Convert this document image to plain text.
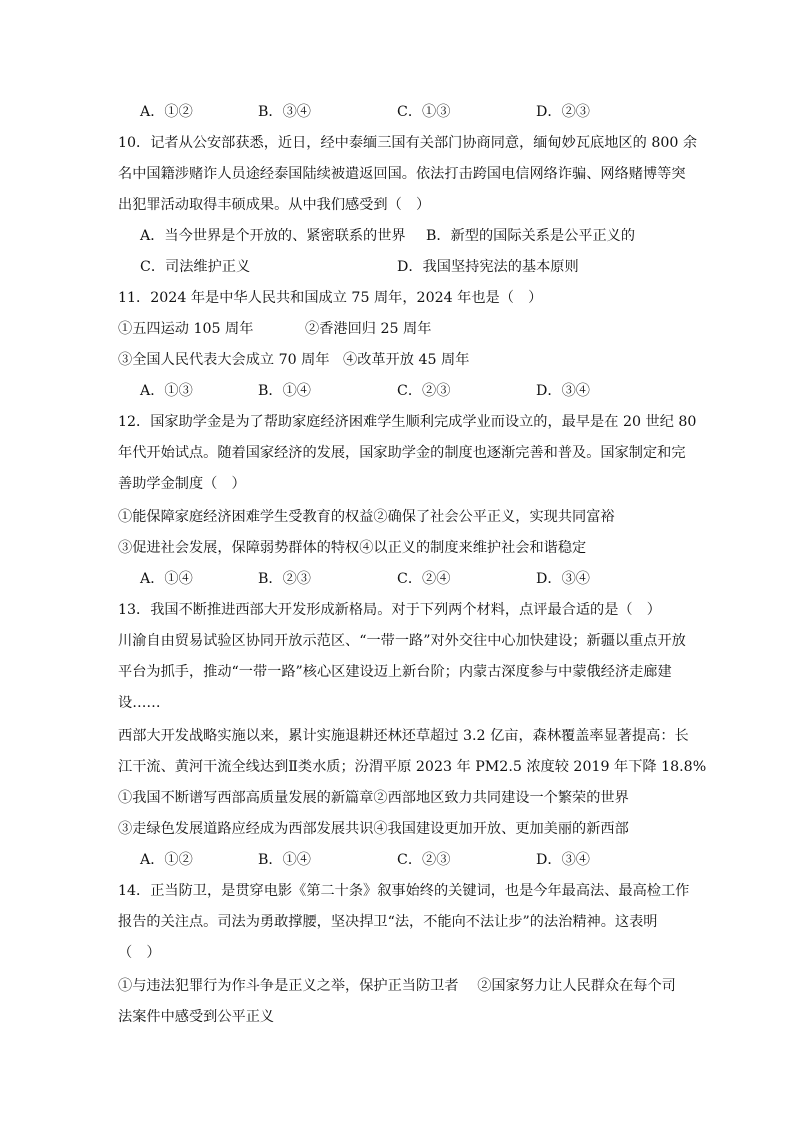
A．①②	B．③④	C．①③	D．②③
10．记者从公安部获悉，近日，经中泰缅三国有关部门协商同意，缅甸妙瓦底地区的 800 余
名中国籍涉赌诈人员途经泰国陆续被遣返回国。依法打击跨国电信网络诈骗、网络赌博等突
出犯罪活动取得丰硕成果。从中我们感受到（　）
A．当今世界是个开放的、紧密联系的世界 B．新型的国际关系是公平正义的
C．司法维护正义	D．我国坚持宪法的基本原则
11．2024 年是中华人民共和国成立 75 周年，2024 年也是（　）
①五四运动 105 周年	②香港回归 25 周年
③全国人民代表大会成立 70 周年 ④改革开放 45 周年
A．①③	B．①④	C．②③	D．③④
12．国家助学金是为了帮助家庭经济困难学生顺利完成学业而设立的，最早是在 20 世纪 80
年代开始试点。随着国家经济的发展，国家助学金的制度也逐渐完善和普及。国家制定和完
善助学金制度（　）
①能保障家庭经济困难学生受教育的权益②确保了社会公平正义，实现共同富裕
③促进社会发展，保障弱势群体的特权④以正义的制度来维护社会和谐稳定
A．①④	B．②③	C．②④	D．③④
13．我国不断推进西部大开发形成新格局。对于下列两个材料，点评最合适的是（　）
川渝自由贸易试验区协同开放示范区、“一带一路”对外交往中心加快建设；新疆以重点开放
平台为抓手，推动“一带一路”核心区建设迈上新台阶；内蒙古深度参与中蒙俄经济走廊建
设……
西部大开发战略实施以来，累计实施退耕还林还草超过 3.2 亿亩，森林覆盖率显著提高：长
江干流、黄河干流全线达到Ⅱ类水质；汾渭平原 2023 年 PM2.5 浓度较 2019 年下降 18.8%
①我国不断谱写西部高质量发展的新篇章②西部地区致力共同建设一个繁荣的世界
③走绿色发展道路应经成为西部发展共识④我国建设更加开放、更加美丽的新西部
A．①②	B．①④	C．②③	D．③④
14．正当防卫，是贯穿电影《第二十条》叙事始终的关键词，也是今年最高法、最高检工作
报告的关注点。司法为勇敢撑腰，坚决捍卫“法，不能向不法让步”的法治精神。这表明
（　）
①与违法犯罪行为作斗争是正义之举，保护正当防卫者　 ②国家努力让人民群众在每个司
法案件中感受到公平正义
